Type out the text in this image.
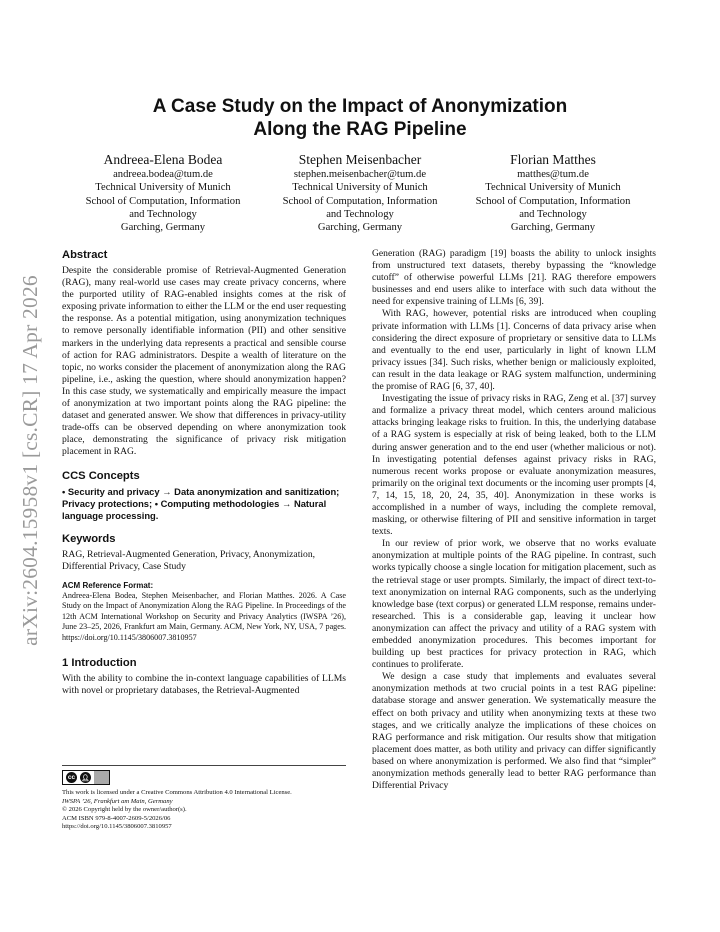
arXiv:2604.15958v1 [cs.CR] 17 Apr 2026
A Case Study on the Impact of Anonymization
Along the RAG Pipeline
Andreea-Elena Bodea
andreea.bodea@tum.de
Technical University of Munich
School of Computation, Information
and Technology
Garching, Germany
Stephen Meisenbacher
stephen.meisenbacher@tum.de
Technical University of Munich
School of Computation, Information
and Technology
Garching, Germany
Florian Matthes
matthes@tum.de
Technical University of Munich
School of Computation, Information
and Technology
Garching, Germany
Abstract

Despite the considerable promise of Retrieval-Augmented Generation (RAG), many real-world use cases may create privacy concerns, where the purported utility of RAG-enabled insights comes at the risk of exposing private information to either the LLM or the end user requesting the response. As a potential mitigation, using anonymization techniques to remove personally identifiable information (PII) and other sensitive markers in the underlying data represents a practical and sensible course of action for RAG administrators. Despite a wealth of literature on the topic, no works consider the placement of anonymization along the RAG pipeline, i.e., asking the question, where should anonymization happen? In this case study, we systematically and empirically measure the impact of anonymization at two important points along the RAG pipeline: the dataset and generated answer. We show that differences in privacy-utility trade-offs can be observed depending on where anonymization took place, demonstrating the significance of privacy risk mitigation placement in RAG.

CCS Concepts

• Security and privacy → Data anonymization and sanitization; Privacy protections; • Computing methodologies → Natural language processing.

Keywords

RAG, Retrieval-Augmented Generation, Privacy, Anonymization, Differential Privacy, Case Study

ACM Reference Format:

Andreea-Elena Bodea, Stephen Meisenbacher, and Florian Matthes. 2026. A Case Study on the Impact of Anonymization Along the RAG Pipeline. In Proceedings of the 12th ACM International Workshop on Security and Privacy Analytics (IWSPA ’26), June 23–25, 2026, Frankfurt am Main, Germany. ACM, New York, NY, USA, 7 pages. https://doi.org/10.1145/3806007.3810957

1 Introduction

With the ability to combine the in-context language capabilities of LLMs with novel or proprietary databases, the Retrieval-Augmented

cc 👤︎
This work is licensed under a Creative Commons Attribution 4.0 International License.
IWSPA ’26, Frankfurt am Main, Germany
© 2026 Copyright held by the owner/author(s).
ACM ISBN 979-8-4007-2609-5/2026/06
https://doi.org/10.1145/3806007.3810957

Generation (RAG) paradigm [19] boasts the ability to unlock insights from unstructured text datasets, thereby bypassing the “knowledge cutoff” of otherwise powerful LLMs [21]. RAG therefore empowers businesses and end users alike to interface with such data without the need for expensive training of LLMs [6, 39].

With RAG, however, potential risks are introduced when coupling private information with LLMs [1]. Concerns of data privacy arise when considering the direct exposure of proprietary or sensitive data to LLMs and eventually to the end user, particularly in light of known LLM privacy issues [34]. Such risks, whether benign or maliciously exploited, can result in the data leakage or RAG system malfunction, undermining the promise of RAG [6, 37, 40].

Investigating the issue of privacy risks in RAG, Zeng et al. [37] survey and formalize a privacy threat model, which centers around malicious attacks bringing leakage risks to fruition. In this, the underlying database of a RAG system is especially at risk of being leaked, both to the LLM during answer generation and to the end user (whether malicious or not). In investigating potential defenses against privacy risks in RAG, numerous recent works propose or evaluate anonymization measures, primarily on the original text documents or the incoming user prompts [4, 7, 14, 15, 18, 20, 24, 35, 40]. Anonymization in these works is accomplished in a number of ways, including the complete removal, masking, or otherwise filtering of PII and sensitive information in target texts.

In our review of prior work, we observe that no works evaluate anonymization at multiple points of the RAG pipeline. In contrast, such works typically choose a single location for mitigation placement, such as the retrieval stage or user prompts. Similarly, the impact of direct text-to-text anonymization on internal RAG components, such as the underlying knowledge base (text corpus) or generated LLM response, remains under-researched. This is a considerable gap, leaving it unclear how anonymization can affect the privacy and utility of a RAG system with embedded anonymization procedures. This becomes important for building up best practices for privacy protection in RAG, which continues to proliferate.

We design a case study that implements and evaluates several anonymization methods at two crucial points in a test RAG pipeline: database storage and answer generation. We systematically measure the effect on both privacy and utility when anonymizing texts at these two stages, and we critically analyze the implications of these choices on RAG performance and risk mitigation. Our results show that mitigation placement does matter, as both utility and privacy can differ significantly based on where anonymization is performed. We also find that “simpler” anonymization methods generally lead to better RAG performance than Differential Privacy
